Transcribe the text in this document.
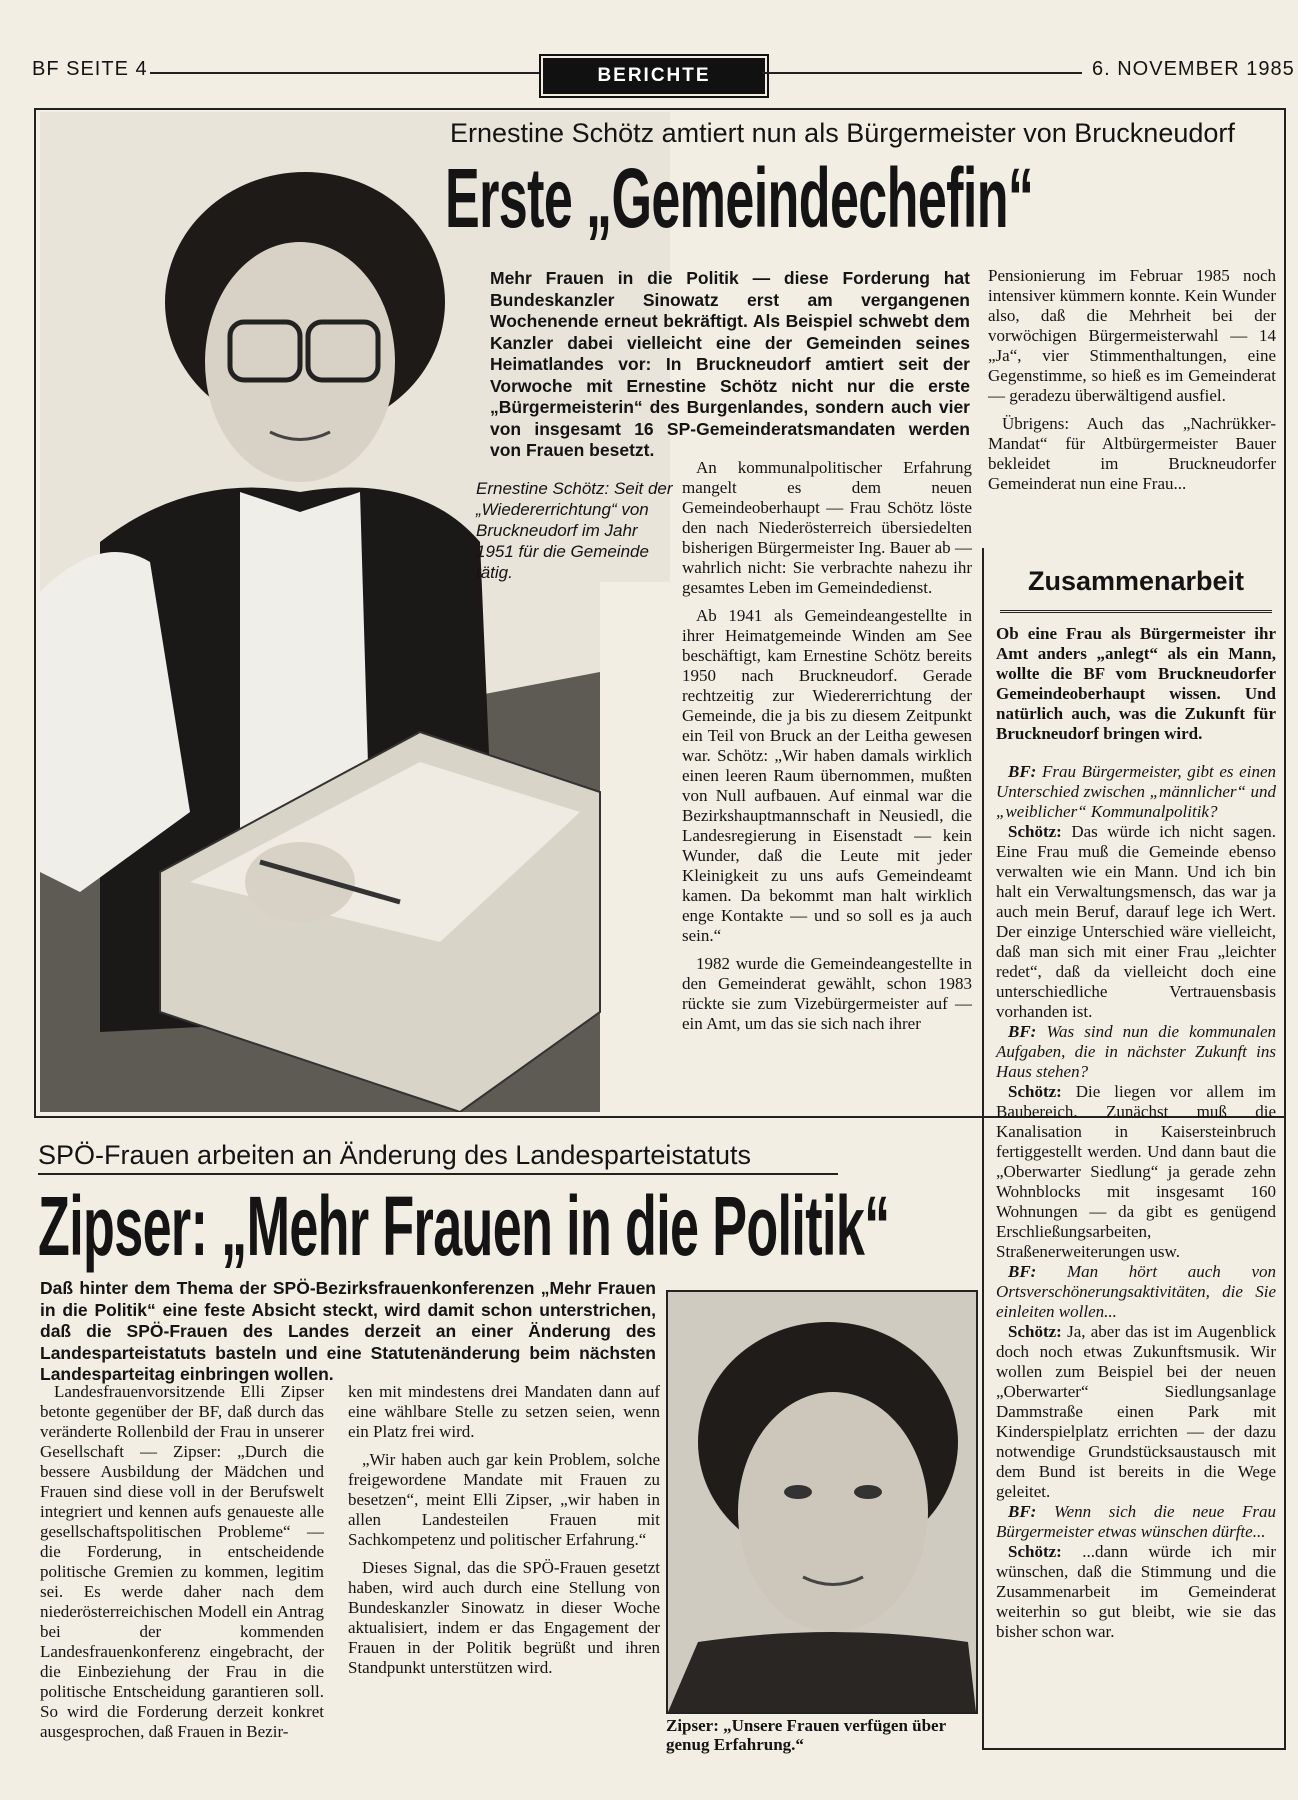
BF SEITE 4	BERICHTE	6. NOVEMBER 1985
Ernestine Schötz amtiert nun als Bürgermeister von Bruckneudorf
Erste „Gemeindechefin“
Mehr Frauen in die Politik — diese Forderung hat Bundeskanzler Sinowatz erst am vergangenen Wochenende erneut bekräftigt. Als Beispiel schwebt dem Kanzler dabei vielleicht eine der Gemeinden seines Heimatlandes vor: In Bruckneudorf amtiert seit der Vorwoche mit Ernestine Schötz nicht nur die erste „Bürgermeisterin“ des Burgenlandes, sondern auch vier von insgesamt 16 SP-Gemeinderatsmandaten werden von Frauen besetzt.
Ernestine Schötz: Seit der „Wiedererrichtung“ von Bruckneudorf im Jahr 1951 für die Gemeinde tätig.

An kommunalpolitischer Erfahrung mangelt es dem neuen Gemeindeoberhaupt — Frau Schötz löste den nach Niederösterreich übersiedelten bisherigen Bürgermeister Ing. Bauer ab — wahrlich nicht: Sie verbrachte nahezu ihr gesamtes Leben im Gemeindedienst.

Ab 1941 als Gemeindeangestellte in ihrer Heimatgemeinde Winden am See beschäftigt, kam Ernestine Schötz bereits 1950 nach Bruckneudorf. Gerade rechtzeitig zur Wiedererrichtung der Gemeinde, die ja bis zu diesem Zeitpunkt ein Teil von Bruck an der Leitha gewesen war. Schötz: „Wir haben damals wirklich einen leeren Raum übernommen, mußten von Null aufbauen. Auf einmal war die Bezirkshauptmannschaft in Neusiedl, die Landesregierung in Eisenstadt — kein Wunder, daß die Leute mit jeder Kleinigkeit zu uns aufs Gemeindeamt kamen. Da bekommt man halt wirklich enge Kontakte — und so soll es ja auch sein.“

1982 wurde die Gemeindeangestellte in den Gemeinderat gewählt, schon 1983 rückte sie zum Vizebürgermeister auf — ein Amt, um das sie sich nach ihrer

Pensionierung im Februar 1985 noch intensiver kümmern konnte. Kein Wunder also, daß die Mehrheit bei der vorwöchigen Bürgermeisterwahl — 14 „Ja“, vier Stimmenthaltungen, eine Gegenstimme, so hieß es im Gemeinderat — geradezu überwältigend ausfiel.

Übrigens: Auch das „Nachrükker-Mandat“ für Altbürgermeister Bauer bekleidet im Bruckneudorfer Gemeinderat nun eine Frau...

Zusammenarbeit
Ob eine Frau als Bürgermeister ihr Amt anders „anlegt“ als ein Mann, wollte die BF vom Bruckneudorfer Gemeindeoberhaupt wissen. Und natürlich auch, was die Zukunft für Bruckneudorf bringen wird.

BF: Frau Bürgermeister, gibt es einen Unterschied zwischen „männlicher“ und „weiblicher“ Kommunalpolitik?

Schötz: Das würde ich nicht sagen. Eine Frau muß die Gemeinde ebenso verwalten wie ein Mann. Und ich bin halt ein Verwaltungsmensch, das war ja auch mein Beruf, darauf lege ich Wert. Der einzige Unterschied wäre vielleicht, daß man sich mit einer Frau „leichter redet“, daß da vielleicht doch eine unterschiedliche Vertrauensbasis vorhanden ist.

BF: Was sind nun die kommunalen Aufgaben, die in nächster Zukunft ins Haus stehen?

Schötz: Die liegen vor allem im Baubereich. Zunächst muß die Kanalisation in Kaisersteinbruch fertiggestellt werden. Und dann baut die „Oberwarter Siedlung“ ja gerade zehn Wohnblocks mit insgesamt 160 Wohnungen — da gibt es genügend Erschließungsarbeiten, Straßenerweiterungen usw.

BF: Man hört auch von Ortsverschönerungsaktivitäten, die Sie einleiten wollen...

Schötz: Ja, aber das ist im Augenblick doch noch etwas Zukunftsmusik. Wir wollen zum Beispiel bei der neuen „Oberwarter“ Siedlungsanlage Dammstraße einen Park mit Kinderspielplatz errichten — der dazu notwendige Grundstücksaustausch mit dem Bund ist bereits in die Wege geleitet.

BF: Wenn sich die neue Frau Bürgermeister etwas wünschen dürfte...

Schötz: ...dann würde ich mir wünschen, daß die Stimmung und die Zusammenarbeit im Gemeinderat weiterhin so gut bleibt, wie sie das bisher schon war.

SPÖ-Frauen arbeiten an Änderung des Landesparteistatuts
Zipser: „Mehr Frauen in die Politik“
Daß hinter dem Thema der SPÖ-Bezirksfrauenkonferenzen „Mehr Frauen in die Politik“ eine feste Absicht steckt, wird damit schon unterstrichen, daß die SPÖ-Frauen des Landes derzeit an einer Änderung des Landesparteistatuts basteln und eine Statutenänderung beim nächsten Landesparteitag einbringen wollen.

Landesfrauenvorsitzende Elli Zipser betonte gegenüber der BF, daß durch das veränderte Rollenbild der Frau in unserer Gesellschaft — Zipser: „Durch die bessere Ausbildung der Mädchen und Frauen sind diese voll in der Berufswelt integriert und kennen aufs genaueste alle gesellschaftspolitischen Probleme“ — die Forderung, in entscheidende politische Gremien zu kommen, legitim sei. Es werde daher nach dem niederösterreichischen Modell ein Antrag bei der kommenden Landesfrauenkonferenz eingebracht, der die Einbeziehung der Frau in die politische Entscheidung garantieren soll. So wird die Forderung derzeit konkret ausgesprochen, daß Frauen in Bezir-

ken mit mindestens drei Mandaten dann auf eine wählbare Stelle zu setzen seien, wenn ein Platz frei wird.

„Wir haben auch gar kein Problem, solche freigewordene Mandate mit Frauen zu besetzen“, meint Elli Zipser, „wir haben in allen Landesteilen Frauen mit Sachkompetenz und politischer Erfahrung.“

Dieses Signal, das die SPÖ-Frauen gesetzt haben, wird auch durch eine Stellung von Bundeskanzler Sinowatz in dieser Woche aktualisiert, indem er das Engagement der Frauen in der Politik begrüßt und ihren Standpunkt unterstützen wird.

Zipser: „Unsere Frauen verfügen über genug Erfahrung.“
